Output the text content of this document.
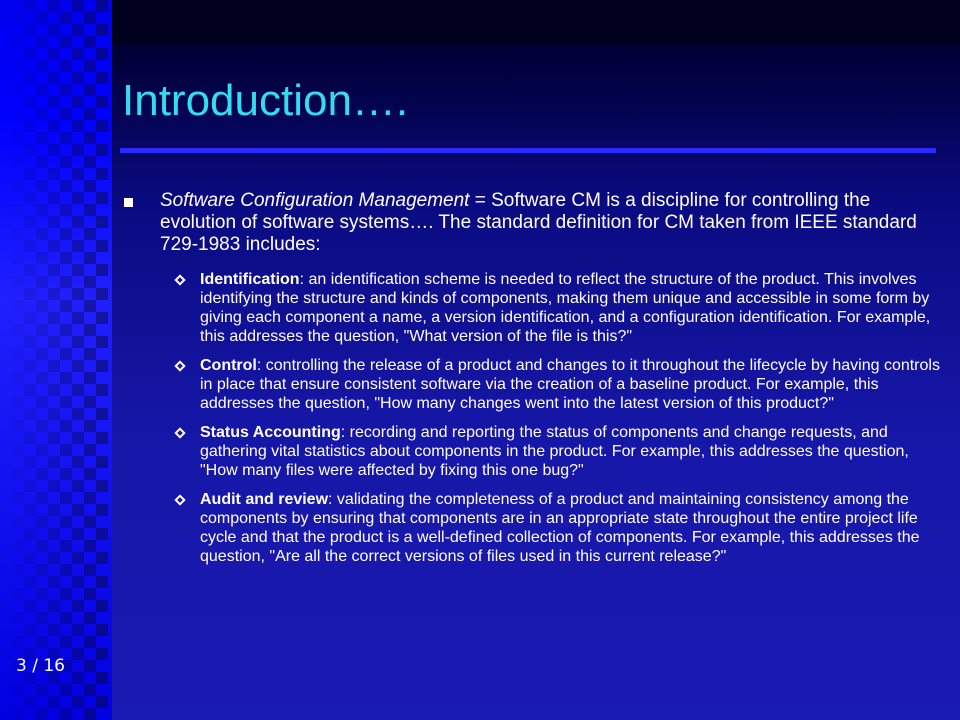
Introduction….
Software Configuration Management = Software CM is a discipline for controlling the evolution of software systems…. The standard definition for CM taken from IEEE standard 729-1983 includes:
Identification: an identification scheme is needed to reflect the structure of the product. This involves identifying the structure and kinds of components, making them unique and accessible in some form by giving each component a name, a version identification, and a configuration identification. For example, this addresses the question, "What version of the file is this?"
Control: controlling the release of a product and changes to it throughout the lifecycle by having controls in place that ensure consistent software via the creation of a baseline product. For example, this addresses the question, "How many changes went into the latest version of this product?"
Status Accounting: recording and reporting the status of components and change requests, and gathering vital statistics about components in the product. For example, this addresses the question, "How many files were affected by fixing this one bug?"
Audit and review: validating the completeness of a product and maintaining consistency among the components by ensuring that components are in an appropriate state throughout the entire project life cycle and that the product is a well-defined collection of components. For example, this addresses the question, "Are all the correct versions of files used in this current release?"
3 / 16
